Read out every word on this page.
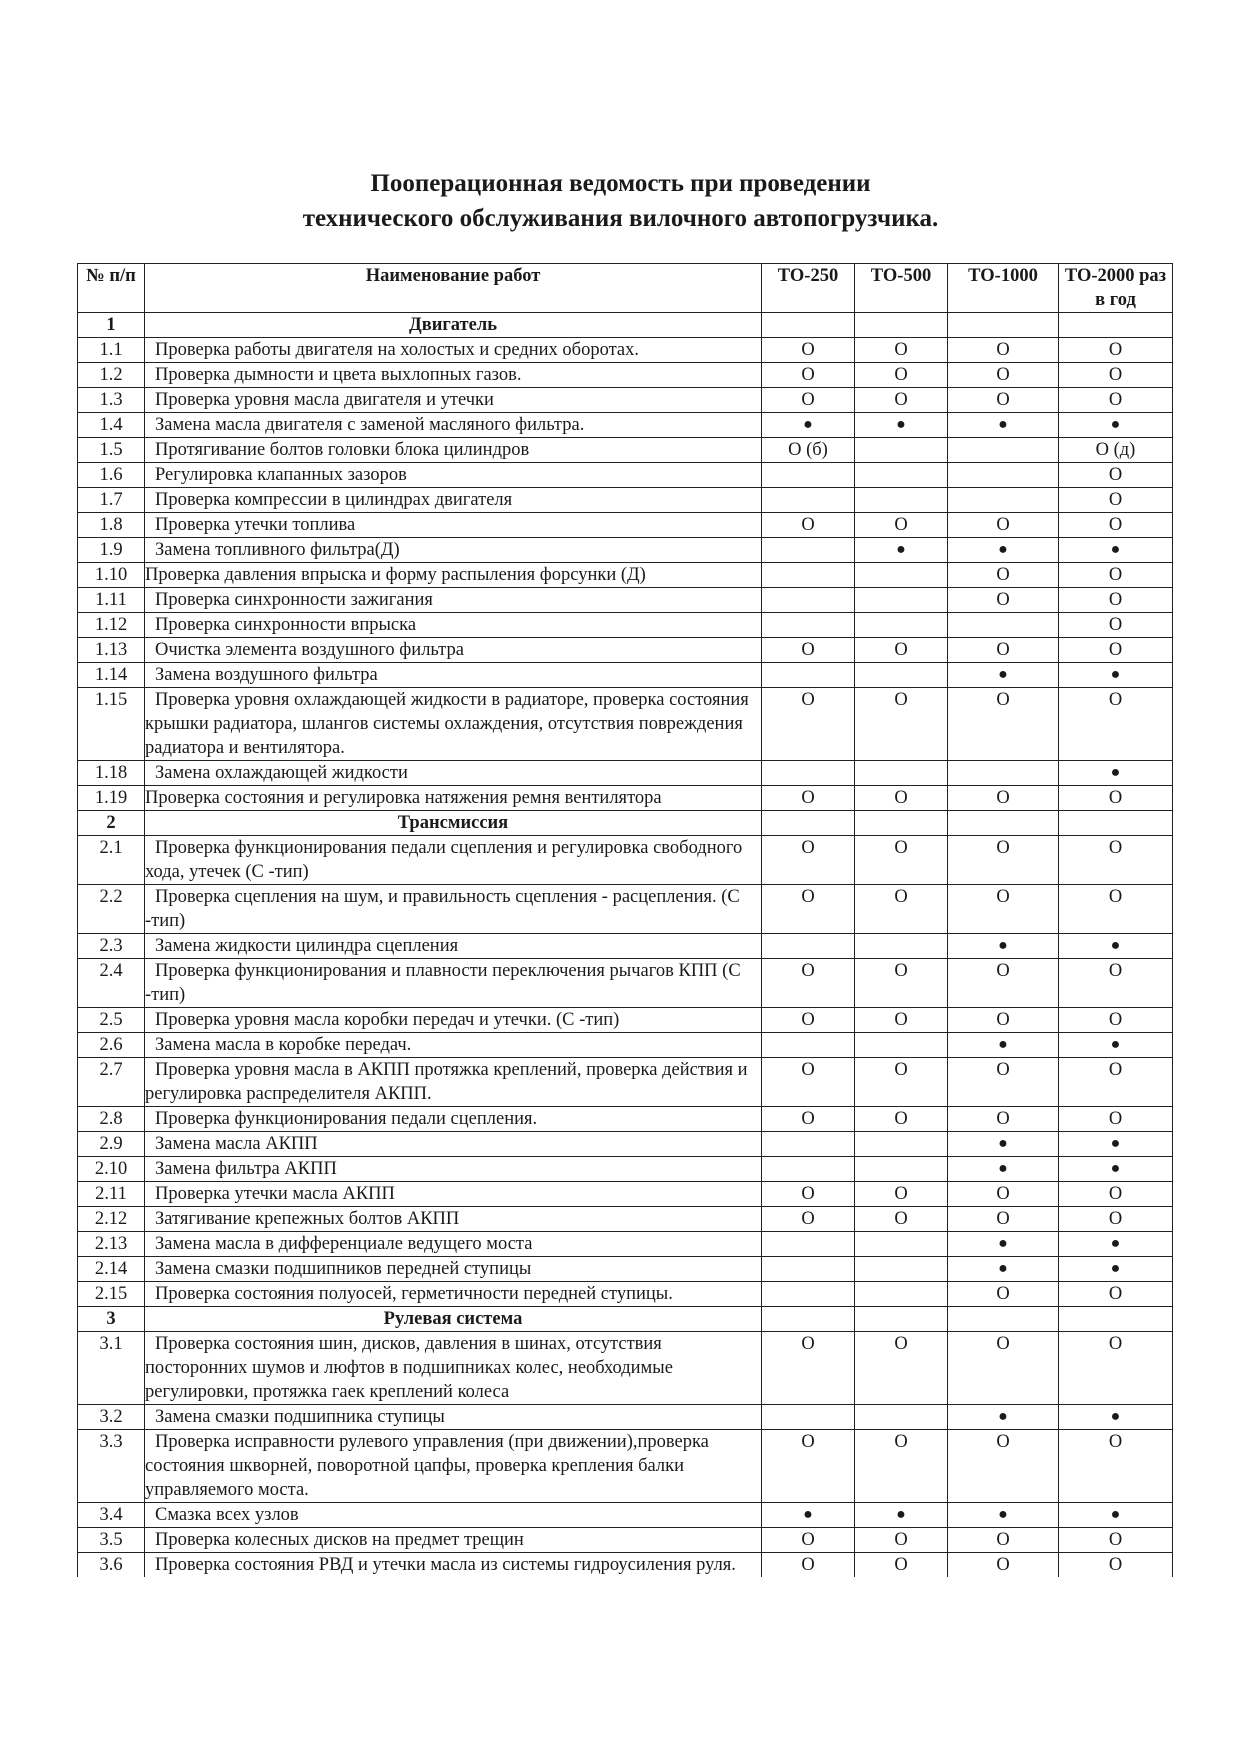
Пооперационная ведомость при проведении
технического обслуживания вилочного автопогрузчика.
№ п/п	Наименование работ	ТО-250	ТО-500	ТО-1000	ТО-2000 раз в год
1	Двигатель				

1.1	Проверка работы двигателя на холостых и средних оборотах.	О	О	О	О
1.2	Проверка дымности и цвета выхлопных газов.	О	О	О	О
1.3	Проверка уровня масла двигателя и утечки	О	О	О	О
1.4	Замена масла двигателя с заменой масляного фильтра.	●	●	●	●
1.5	Протягивание болтов головки блока цилиндров	О (б)			О (д)
1.6	Регулировка клапанных зазоров				О
1.7	Проверка компрессии в цилиндрах двигателя				О
1.8	Проверка утечки топлива	О	О	О	О
1.9	Замена топливного фильтра(Д)		●	●	●
1.10	Проверка давления впрыска и форму распыления форсунки (Д)			О	О
1.11	Проверка синхронности зажигания			О	О
1.12	Проверка синхронности впрыска				О
1.13	Очистка элемента воздушного фильтра	О	О	О	О
1.14	Замена воздушного фильтра			●	●
1.15	Проверка уровня охлаждающей жидкости в радиаторе, проверка состояния крышки радиатора, шлангов системы охлаждения, отсутствия повреждения радиатора и вентилятора.	О	О	О	О
1.18	Замена охлаждающей жидкости				●
1.19	Проверка состояния и регулировка натяжения ремня вентилятора	О	О	О	О
2	Трансмиссия				

2.1	Проверка функционирования педали сцепления и регулировка свободного хода, утечек (С -тип)	О	О	О	О
2.2	Проверка сцепления на шум, и правильность сцепления - расцепления. (С -тип)	О	О	О	О
2.3	Замена жидкости цилиндра сцепления			●	●
2.4	Проверка функционирования и плавности переключения рычагов КПП (С -тип)	О	О	О	О
2.5	Проверка уровня масла коробки передач и утечки. (С -тип)	О	О	О	О
2.6	Замена масла в коробке передач.			●	●
2.7	Проверка уровня масла в АКПП протяжка креплений, проверка действия и регулировка распределителя АКПП.	О	О	О	О
2.8	Проверка функционирования педали сцепления.	О	О	О	О
2.9	Замена масла АКПП			●	●
2.10	Замена фильтра АКПП			●	●
2.11	Проверка утечки масла АКПП	О	О	О	О
2.12	Затягивание крепежных болтов АКПП	О	О	О	О
2.13	Замена масла в дифференциале ведущего моста			●	●
2.14	Замена смазки подшипников передней ступицы			●	●
2.15	Проверка состояния полуосей, герметичности передней ступицы.			О	О
3	Рулевая система				

3.1	Проверка состояния шин, дисков, давления в шинах, отсутствия посторонних шумов и люфтов в подшипниках колес, необходимые регулировки, протяжка гаек креплений колеса	О	О	О	О
3.2	Замена смазки подшипника ступицы			●	●
3.3	Проверка исправности рулевого управления (при движении),проверка состояния шкворней, поворотной цапфы, проверка крепления балки управляемого моста.	О	О	О	О
3.4	Смазка всех узлов	●	●	●	●
3.5	Проверка колесных дисков на предмет трещин	О	О	О	О
3.6	Проверка состояния РВД и утечки масла из системы гидроусиления руля.	О	О	О	О
